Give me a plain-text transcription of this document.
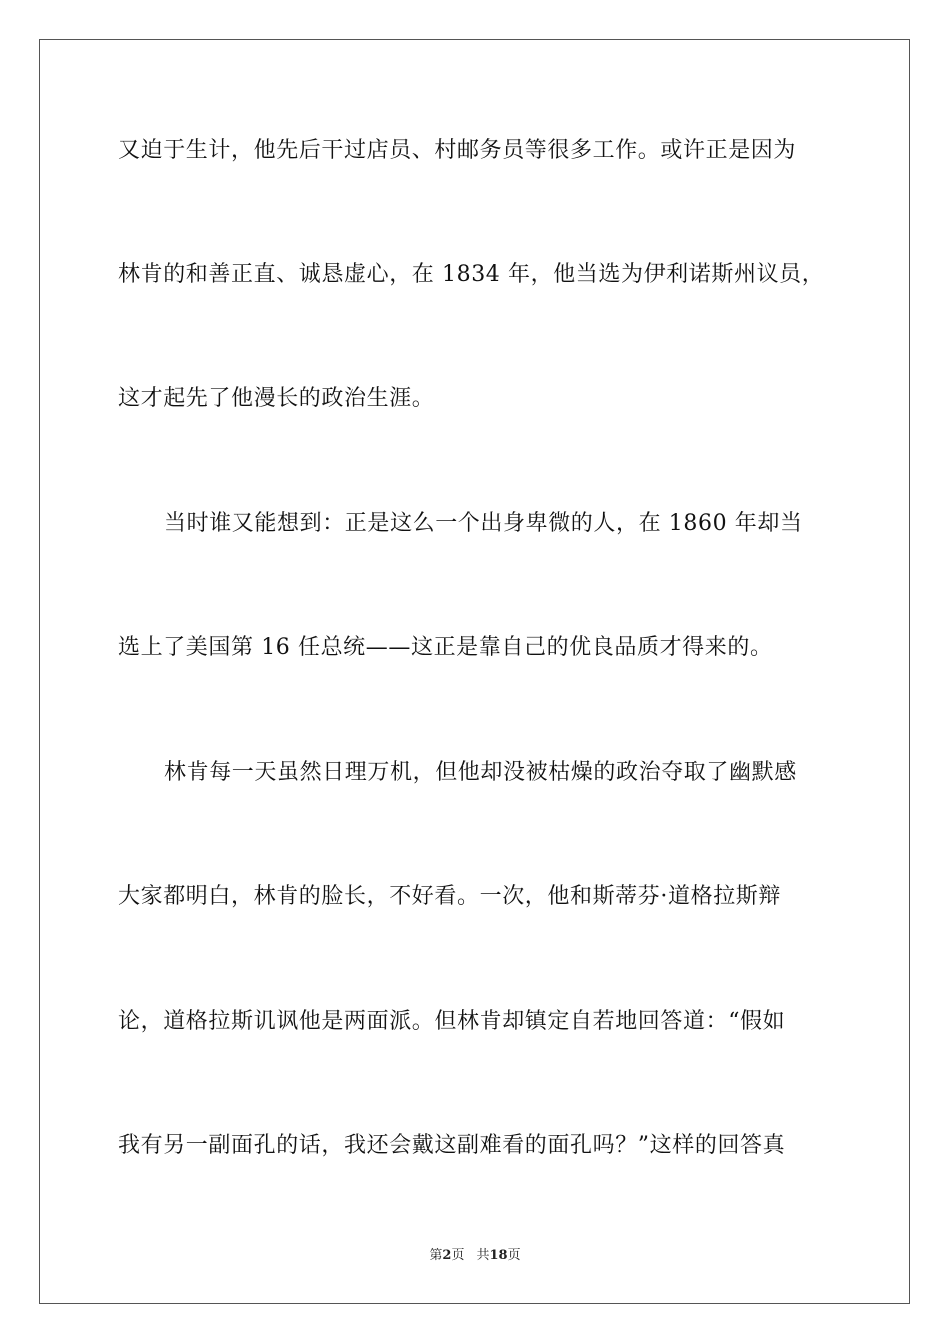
又迫于生计，他先后干过店员、村邮务员等很多工作。或许正是因为
林肯的和善正直、诚恳虚心，在 1834 年，他当选为伊利诺斯州议员，
这才起先了他漫长的政治生涯。
当时谁又能想到：正是这么一个出身卑微的人，在 1860 年却当
选上了美国第 16 任总统——这正是靠自己的优良品质才得来的。
林肯每一天虽然日理万机，但他却没被枯燥的政治夺取了幽默感
大家都明白，林肯的脸长，不好看。一次，他和斯蒂芬·道格拉斯辩
论，道格拉斯讥讽他是两面派。但林肯却镇定自若地回答道：“假如
我有另一副面孔的话，我还会戴这副难看的面孔吗？”这样的回答真
第2页 共18页
